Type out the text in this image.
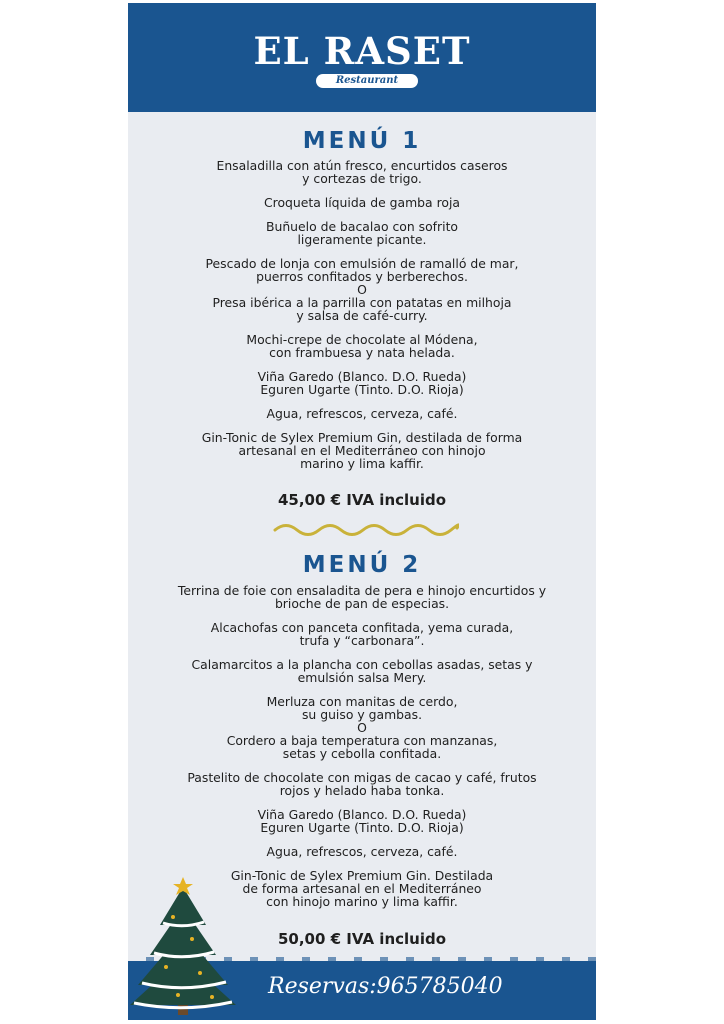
EL RASET
Restaurant
MENÚ 1
Ensaladilla con atún fresco, encurtidos caseros
y cortezas de trigo.
Croqueta líquida de gamba roja
Buñuelo de bacalao con sofrito
ligeramente picante.
Pescado de lonja con emulsión de ramalló de mar,
puerros confitados y berberechos.
O
Presa ibérica a la parrilla con patatas en milhoja
y salsa de café-curry.
Mochi-crepe de chocolate al Módena,
con frambuesa y nata helada.
Viña Garedo (Blanco. D.O. Rueda)
Eguren Ugarte (Tinto. D.O. Rioja)
Agua, refrescos, cerveza, café.
Gin-Tonic de Sylex Premium Gin, destilada de forma
artesanal en el Mediterráneo con hinojo
marino y lima kaffir.
45,00 € IVA incluido
MENÚ 2
Terrina de foie con ensaladita de pera e hinojo encurtidos y
brioche de pan de especias.
Alcachofas con panceta confitada, yema curada,
trufa y “carbonara”.
Calamarcitos a la plancha con cebollas asadas, setas y
emulsión salsa Mery.
Merluza con manitas de cerdo,
su guiso y gambas.
O
Cordero a baja temperatura con manzanas,
setas y cebolla confitada.
Pastelito de chocolate con migas de cacao y café, frutos
rojos y helado haba tonka.
Viña Garedo (Blanco. D.O. Rueda)
Eguren Ugarte (Tinto. D.O. Rioja)
Agua, refrescos, cerveza, café.
Gin-Tonic de Sylex Premium Gin. Destilada
de forma artesanal en el Mediterráneo
con hinojo marino y lima kaffir.
50,00 € IVA incluido
Reservas:965785040
